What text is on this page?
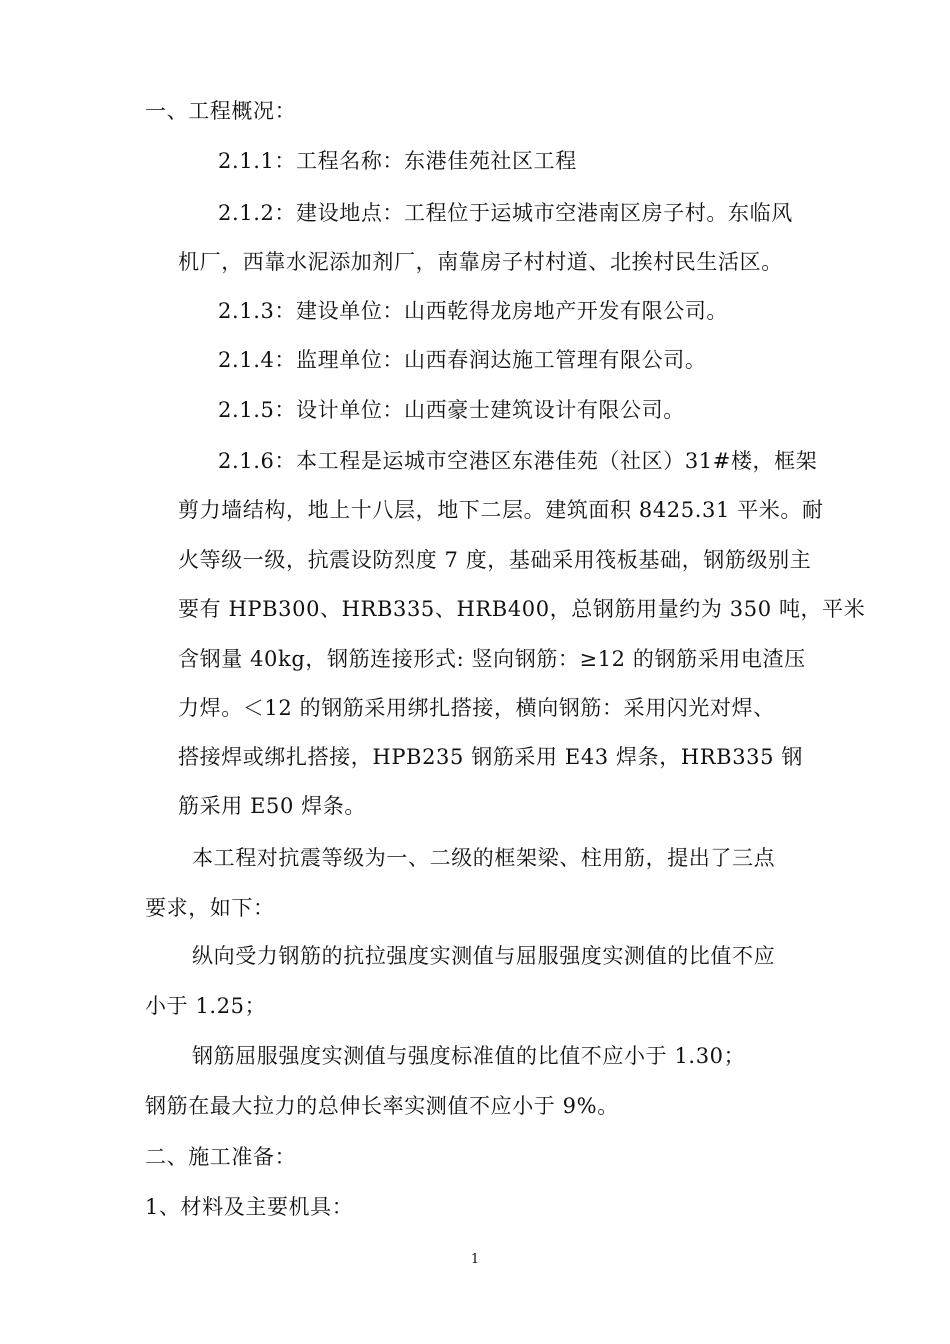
一、工程概况：
2.1.1：工程名称：东港佳苑社区工程
2.1.2：建设地点：工程位于运城市空港南区房子村。东临风
机厂，西靠水泥添加剂厂，南靠房子村村道、北挨村民生活区。
2.1.3：建设单位：山西乾得龙房地产开发有限公司。
2.1.4：监理单位：山西春润达施工管理有限公司。
2.1.5：设计单位：山西豪士建筑设计有限公司。
2.1.6：本工程是运城市空港区东港佳苑（社区）31#楼，框架
剪力墙结构，地上十八层，地下二层。建筑面积 8425.31 平米。耐
火等级一级，抗震设防烈度 7 度，基础采用筏板基础，钢筋级别主
要有 HPB300、HRB335、HRB400，总钢筋用量约为 350 吨，平米
含钢量 40kg，钢筋连接形式: 竖向钢筋：≥12 的钢筋采用电渣压
力焊。＜12 的钢筋采用绑扎搭接，横向钢筋：采用闪光对焊、
搭接焊或绑扎搭接，HPB235 钢筋采用 E43 焊条，HRB335 钢
筋采用 E50 焊条。
本工程对抗震等级为一、二级的框架梁、柱用筋，提出了三点
要求，如下：
纵向受力钢筋的抗拉强度实测值与屈服强度实测值的比值不应
小于 1.25；
钢筋屈服强度实测值与强度标准值的比值不应小于 1.30；
钢筋在最大拉力的总伸长率实测值不应小于 9%。
二、施工准备：
1、材料及主要机具：
1
